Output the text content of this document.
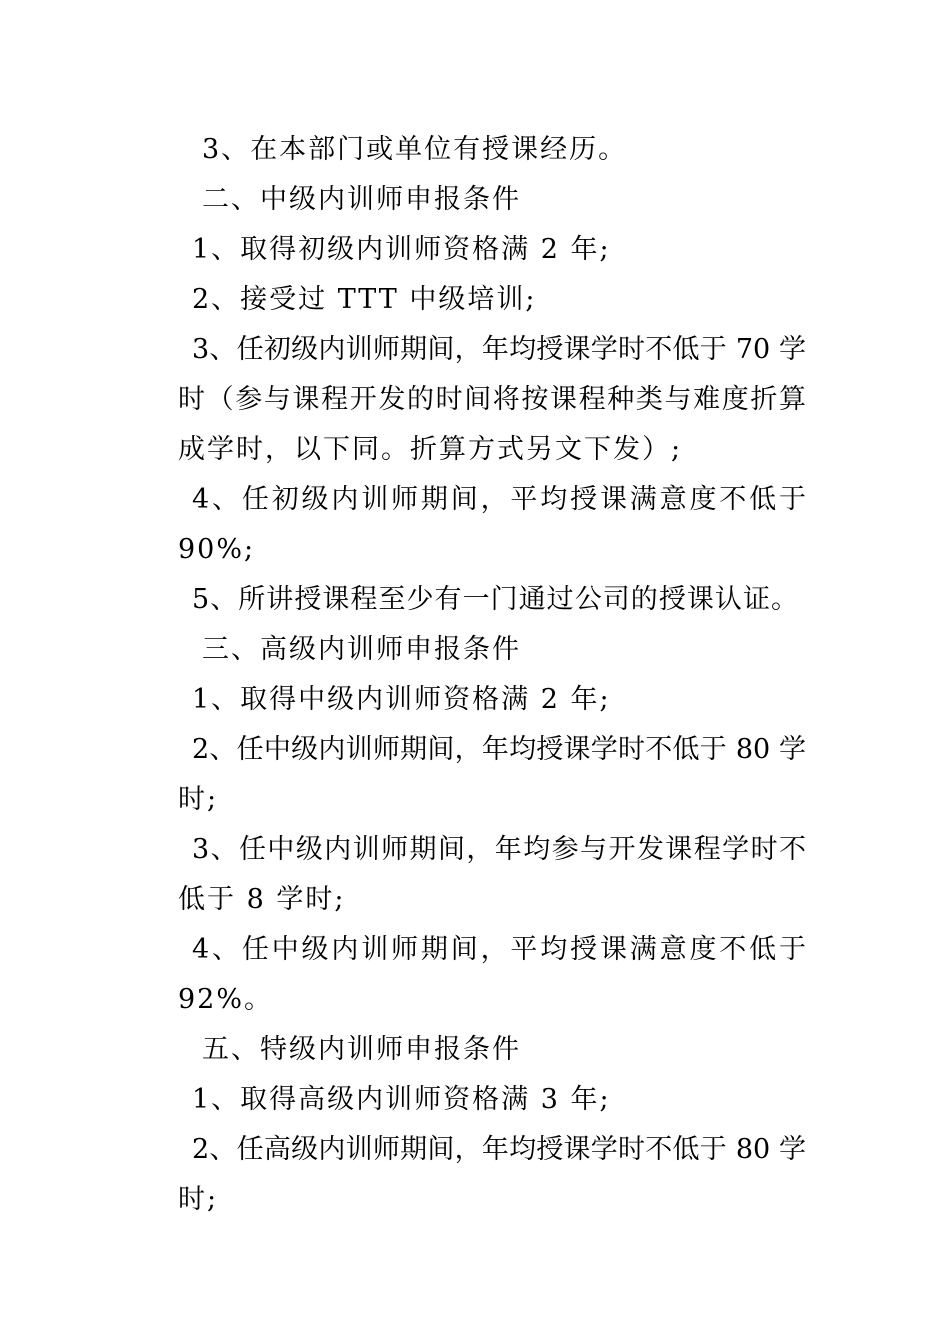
3、在本部门或单位有授课经历。
二、中级内训师申报条件
1、取得初级内训师资格满 2 年;
2、接受过 TTT 中级培训;
3、任初级内训师期间，年均授课学时不低于 70 学
时（参与课程开发的时间将按课程种类与难度折算
成学时，以下同。折算方式另文下发）;
4、任初级内训师期间，平均授课满意度不低于
90%;
5、所讲授课程至少有一门通过公司的授课认证。
三、高级内训师申报条件
1、取得中级内训师资格满 2 年;
2、任中级内训师期间，年均授课学时不低于 80 学
时;
3、任中级内训师期间，年均参与开发课程学时不
低于 8 学时;
4、任中级内训师期间，平均授课满意度不低于
92%。
五、特级内训师申报条件
1、取得高级内训师资格满 3 年;
2、任高级内训师期间，年均授课学时不低于 80 学
时;
